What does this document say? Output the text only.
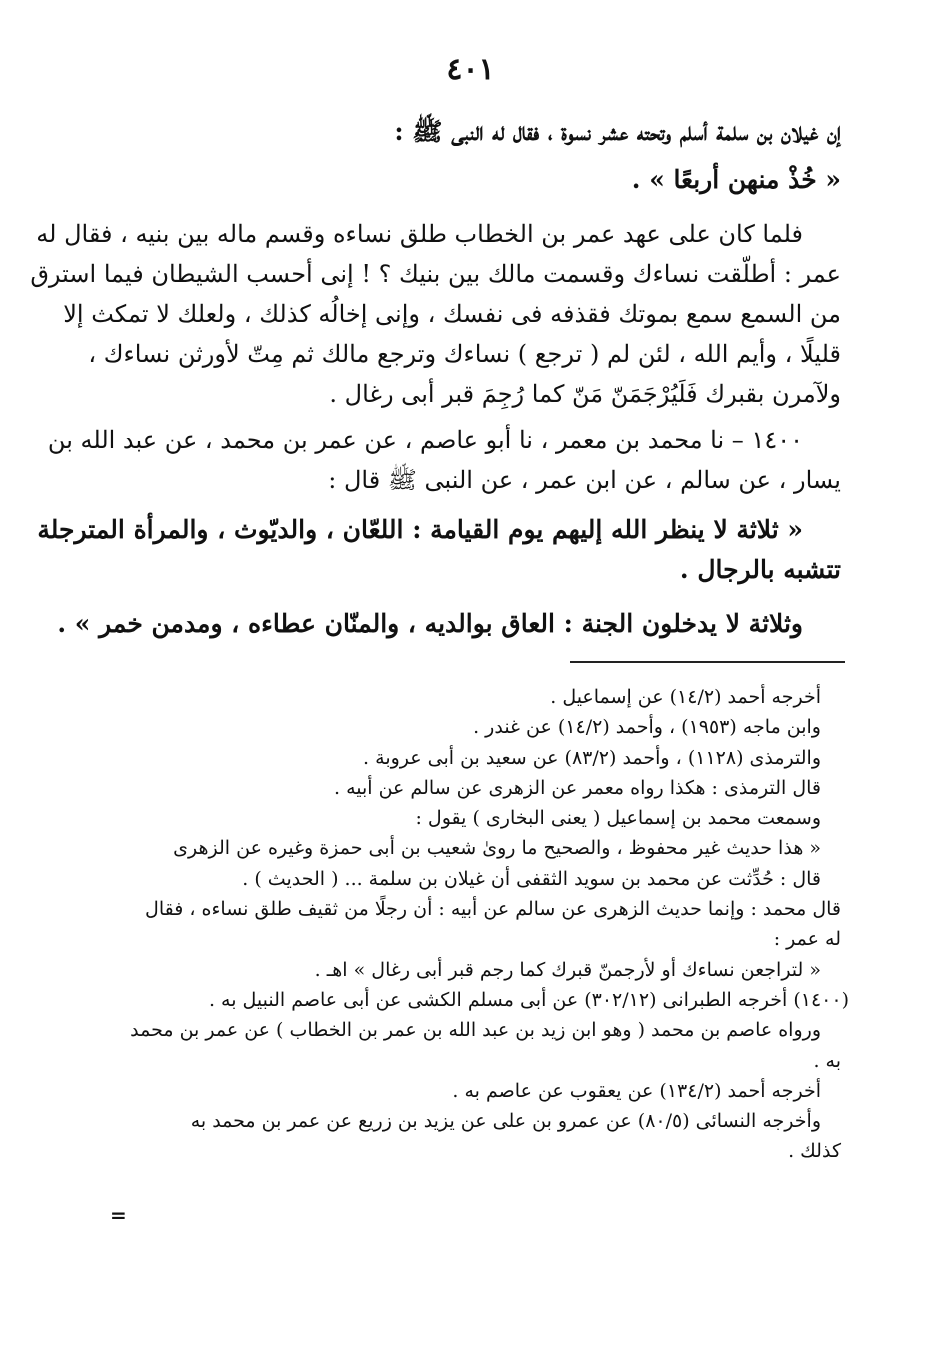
٤٠١
إن غيلان بن سلمة أسلم وتحته عشر نسوة ، فقال له النبى ﷺ :
« خُذْ منهن أربعًا » .
فلما كان على عهد عمر بن الخطاب طلق نساءه وقسم ماله بين بنيه ، فقال له
عمر : أطلّقت نساءك وقسمت مالك بين بنيك ؟ ! إنى أحسب الشيطان فيما استرق
من السمع سمع بموتك فقذفه فى نفسك ، وإنى إخالُه كذلك ، ولعلك لا تمكث إلا
قليلًا ، وأيم الله ، لئن لم ( ترجع ) نساءك وترجع مالك ثم مِتّ لأورثن نساءك ،
ولآمرن بقبرك فَلَيُرْجَمَنّ مَنّ كما رُجِمَ قبر أبى رغال .
١٤٠٠ – نا محمد بن معمر ، نا أبو عاصم ، عن عمر بن محمد ، عن عبد الله بن
يسار ، عن سالم ، عن ابن عمر ، عن النبى ﷺ قال :
« ثلاثة لا ينظر الله إليهم يوم القيامة : اللعّان ، والديّوث ، والمرأة المترجلة
تتشبه بالرجال .
وثلاثة لا يدخلون الجنة : العاق بوالديه ، والمنّان عطاءه ، ومدمن خمر » .
أخرجه أحمد (١٤/٢) عن إسماعيل .
وابن ماجه (١٩٥٣) ، وأحمد (١٤/٢) عن غندر .
والترمذى (١١٢٨) ، وأحمد (٨٣/٢) عن سعيد بن أبى عروبة .
قال الترمذى : هكذا رواه معمر عن الزهرى عن سالم عن أبيه .
وسمعت محمد بن إسماعيل ( يعنى البخارى ) يقول :
« هذا حديث غير محفوظ ، والصحيح ما روىٰ شعيب بن أبى حمزة وغيره عن الزهرى
قال : حُدِّثت عن محمد بن سويد الثقفى أن غيلان بن سلمة ... ( الحديث ) .
قال محمد : وإنما حديث الزهرى عن سالم عن أبيه : أن رجلًا من ثقيف طلق نساءه ، فقال
له عمر :
« لتراجعن نساءك أو لأرجمنّ قبرك كما رجم قبر أبى رغال » اهـ .
(١٤٠٠) أخرجه الطبرانى (٣٠٢/١٢) عن أبى مسلم الكشى عن أبى عاصم النبيل به .
ورواه عاصم بن محمد ( وهو ابن زيد بن عبد الله بن عمر بن الخطاب ) عن عمر بن محمد
به .
أخرجه أحمد (١٣٤/٢) عن يعقوب عن عاصم به .
وأخرجه النسائى (٨٠/٥) عن عمرو بن على عن يزيد بن زريع عن عمر بن محمد به
كذلك .
=
